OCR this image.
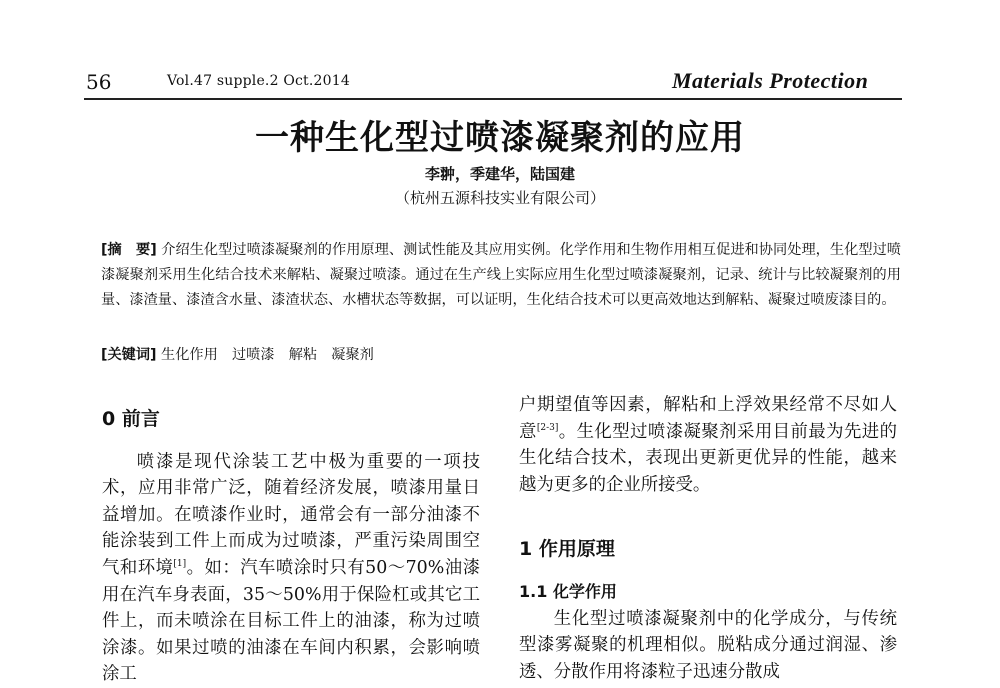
56	Vol.47 supple.2 Oct.2014	Materials Protection
一种生化型过喷漆凝聚剂的应用
李翀，季建华，陆国建
（杭州五源科技实业有限公司）
[摘　要] 介绍生化型过喷漆凝聚剂的作用原理、测试性能及其应用实例。化学作用和生物作用相互促进和协同处理，生化型过喷漆凝聚剂采用生化结合技术来解粘、凝聚过喷漆。通过在生产线上实际应用生化型过喷漆凝聚剂，记录、统计与比较凝聚剂的用量、漆渣量、漆渣含水量、漆渣状态、水槽状态等数据，可以证明，生化结合技术可以更高效地达到解粘、凝聚过喷废漆目的。
[关键词] 生化作用　过喷漆　解粘　凝聚剂
0 前言

喷漆是现代涂装工艺中极为重要的一项技术，应用非常广泛，随着经济发展，喷漆用量日益增加。在喷漆作业时，通常会有一部分油漆不能涂装到工件上而成为过喷漆，严重污染周围空气和环境[1]。如：汽车喷涂时只有50～70%油漆用在汽车身表面，35～50%用于保险杠或其它工件上，而未喷涂在目标工件上的油漆，称为过喷涂漆。如果过喷的油漆在车间内积累，会影响喷涂工

户期望值等因素，解粘和上浮效果经常不尽如人意[2-3]。生化型过喷漆凝聚剂采用目前最为先进的生化结合技术，表现出更新更优异的性能，越来越为更多的企业所接受。

1 作用原理
1.1 化学作用

生化型过喷漆凝聚剂中的化学成分，与传统型漆雾凝聚的机理相似。脱粘成分通过润湿、渗透、分散作用将漆粒子迅速分散成
